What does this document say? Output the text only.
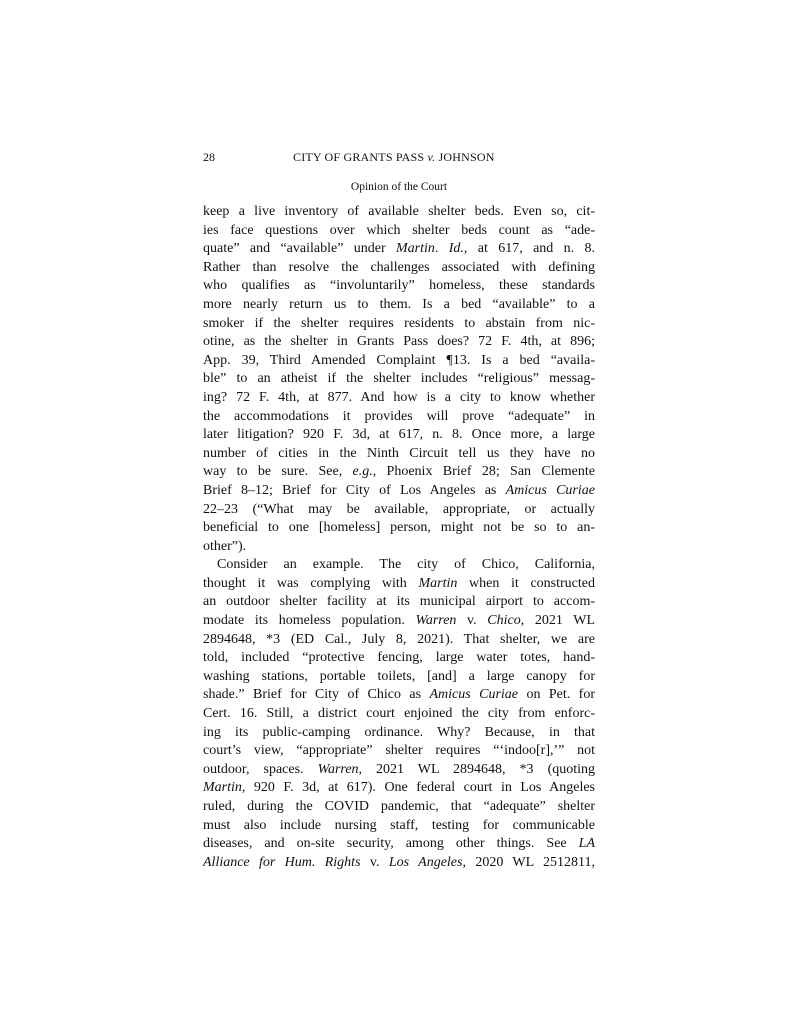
28	CITY OF GRANTS PASS v. JOHNSON
Opinion of the Court
keep a live inventory of available shelter beds. Even so, cit-
ies face questions over which shelter beds count as “ade-
quate” and “available” under Martin. Id., at 617, and n. 8.
Rather than resolve the challenges associated with defining
who qualifies as “involuntarily” homeless, these standards
more nearly return us to them. Is a bed “available” to a
smoker if the shelter requires residents to abstain from nic-
otine, as the shelter in Grants Pass does? 72 F. 4th, at 896;
App. 39, Third Amended Complaint ¶13. Is a bed “availa-
ble” to an atheist if the shelter includes “religious” messag-
ing? 72 F. 4th, at 877. And how is a city to know whether
the accommodations it provides will prove “adequate” in
later litigation? 920 F. 3d, at 617, n. 8. Once more, a large
number of cities in the Ninth Circuit tell us they have no
way to be sure. See, e.g., Phoenix Brief 28; San Clemente
Brief 8–12; Brief for City of Los Angeles as Amicus Curiae
22–23 (“What may be available, appropriate, or actually
beneficial to one [homeless] person, might not be so to an-
other”).
Consider an example. The city of Chico, California,
thought it was complying with Martin when it constructed
an outdoor shelter facility at its municipal airport to accom-
modate its homeless population. Warren v. Chico, 2021 WL
2894648, *3 (ED Cal., July 8, 2021). That shelter, we are
told, included “protective fencing, large water totes, hand-
washing stations, portable toilets, [and] a large canopy for
shade.” Brief for City of Chico as Amicus Curiae on Pet. for
Cert. 16. Still, a district court enjoined the city from enforc-
ing its public-camping ordinance. Why? Because, in that
court’s view, “appropriate” shelter requires “‘indoo[r],’” not
outdoor, spaces. Warren, 2021 WL 2894648, *3 (quoting
Martin, 920 F. 3d, at 617). One federal court in Los Angeles
ruled, during the COVID pandemic, that “adequate” shelter
must also include nursing staff, testing for communicable
diseases, and on-site security, among other things. See LA
Alliance for Hum. Rights v. Los Angeles, 2020 WL 2512811,
